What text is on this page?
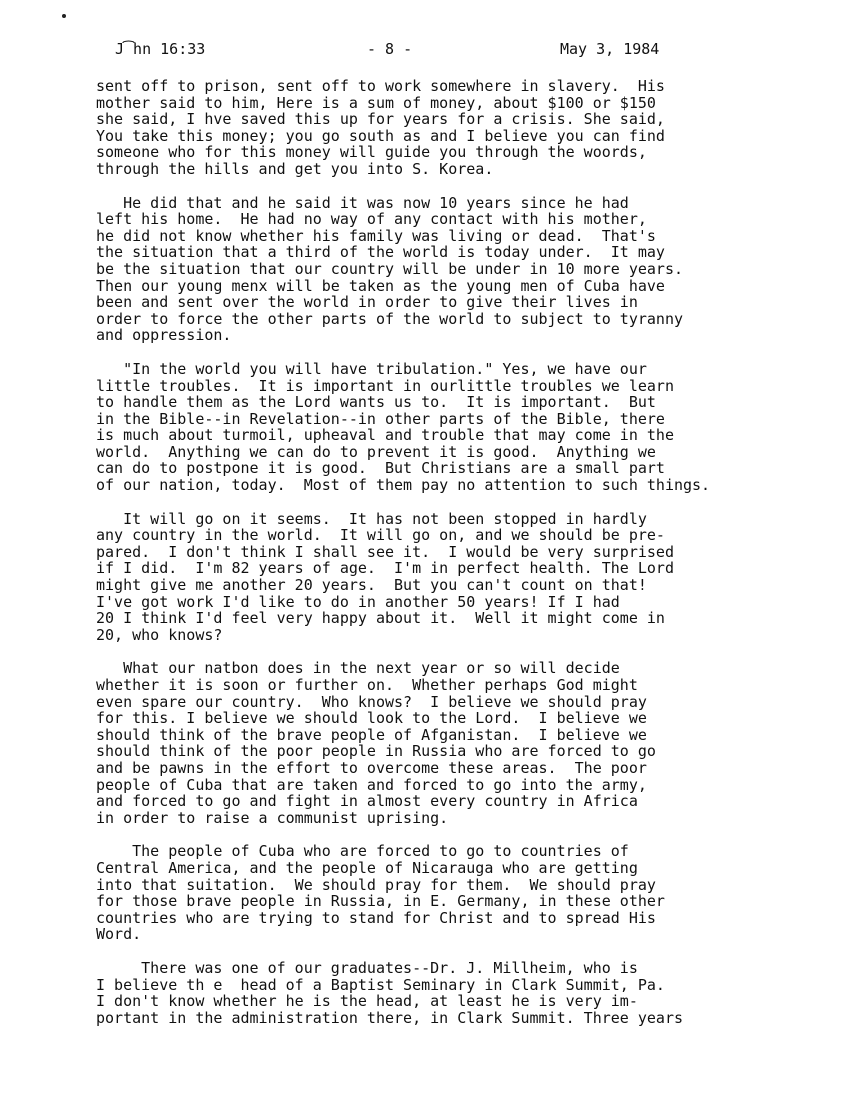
J͡hn 16:33	- 8 -	May 3, 1984
sent off to prison, sent off to work somewhere in slavery.  His
mother said to him, Here is a sum of money, about $100 or $150
she said, I hve saved this up for years for a crisis. She said,
You take this money; you go south as and I believe you can find
someone who for this money will guide you through the woords,
through the hills and get you into S. Korea.
He did that and he said it was now 10 years since he had
left his home.  He had no way of any contact with his mother,
he did not know whether his family was living or dead.  That's
the situation that a third of the world is today under.  It may
be the situation that our country will be under in 10 more years.
Then our young menx will be taken as the young men of Cuba have
been and sent over the world in order to give their lives in
order to force the other parts of the world to subject to tyranny
and oppression.
"In the world you will have tribulation." Yes, we have our
little troubles.  It is important in ourlittle troubles we learn
to handle them as the Lord wants us to.  It is important.  But
in the Bible--in Revelation--in other parts of the Bible, there
is much about turmoil, upheaval and trouble that may come in the
world.  Anything we can do to prevent it is good.  Anything we
can do to postpone it is good.  But Christians are a small part
of our nation, today.  Most of them pay no attention to such things.
It will go on it seems.  It has not been stopped in hardly
any country in the world.  It will go on, and we should be pre-
pared.  I don't think I shall see it.  I would be very surprised
if I did.  I'm 82 years of age.  I'm in perfect health. The Lord
might give me another 20 years.  But you can't count on that!
I've got work I'd like to do in another 50 years! If I had
20 I think I'd feel very happy about it.  Well it might come in
20, who knows?
What our natbon does in the next year or so will decide
whether it is soon or further on.  Whether perhaps God might
even spare our country.  Who knows?  I believe we should pray
for this. I believe we should look to the Lord.  I believe we
should think of the brave people of Afganistan.  I believe we
should think of the poor people in Russia who are forced to go
and be pawns in the effort to overcome these areas.  The poor
people of Cuba that are taken and forced to go into the army,
and forced to go and fight in almost every country in Africa
in order to raise a communist uprising.
The people of Cuba who are forced to go to countries of
Central America, and the people of Nicarauga who are getting
into that suitation.  We should pray for them.  We should pray
for those brave people in Russia, in E. Germany, in these other
countries who are trying to stand for Christ and to spread His
Word.
There was one of our graduates--Dr. J. Millheim, who is
I believe th e  head of a Baptist Seminary in Clark Summit, Pa.
I don't know whether he is the head, at least he is very im-
portant in the administration there, in Clark Summit. Three years
